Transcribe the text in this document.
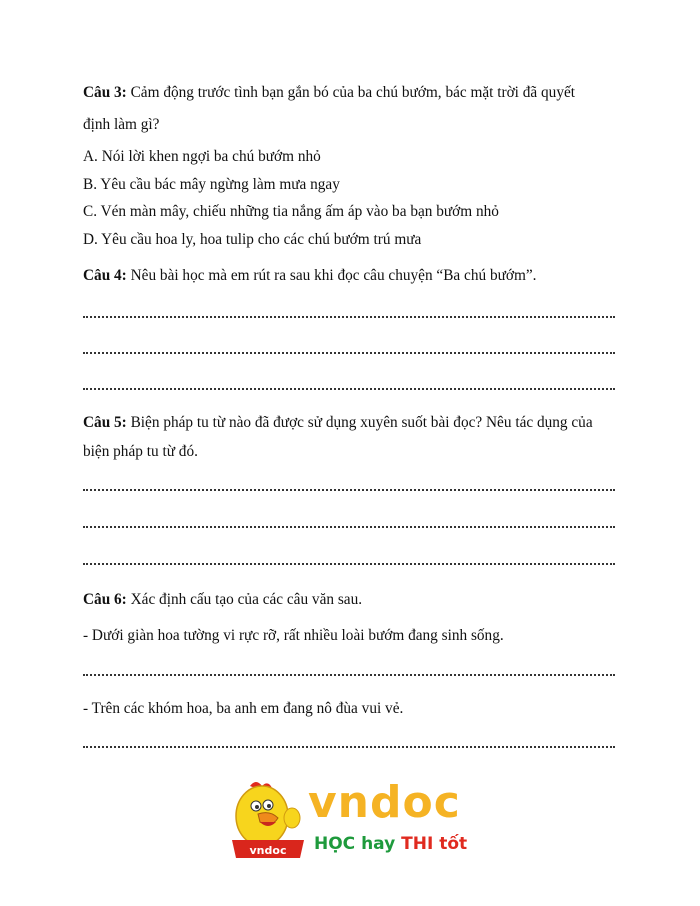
Câu 3: Cảm động trước tình bạn gắn bó của ba chú bướm, bác mặt trời đã quyết
định làm gì?
A. Nói lời khen ngợi ba chú bướm nhỏ
B. Yêu cầu bác mây ngừng làm mưa ngay
C. Vén màn mây, chiếu những tia nắng ấm áp vào ba bạn bướm nhỏ
D. Yêu cầu hoa ly, hoa tulip cho các chú bướm trú mưa
Câu 4: Nêu bài học mà em rút ra sau khi đọc câu chuyện “Ba chú bướm”.
Câu 5: Biện pháp tu từ nào đã được sử dụng xuyên suốt bài đọc? Nêu tác dụng của
biện pháp tu từ đó.
Câu 6: Xác định cấu tạo của các câu văn sau.
- Dưới giàn hoa tường vi rực rỡ, rất nhiều loài bướm đang sinh sống.
- Trên các khóm hoa, ba anh em đang nô đùa vui vẻ.
vndoc
vndoc
HỌC hay THI tốt
